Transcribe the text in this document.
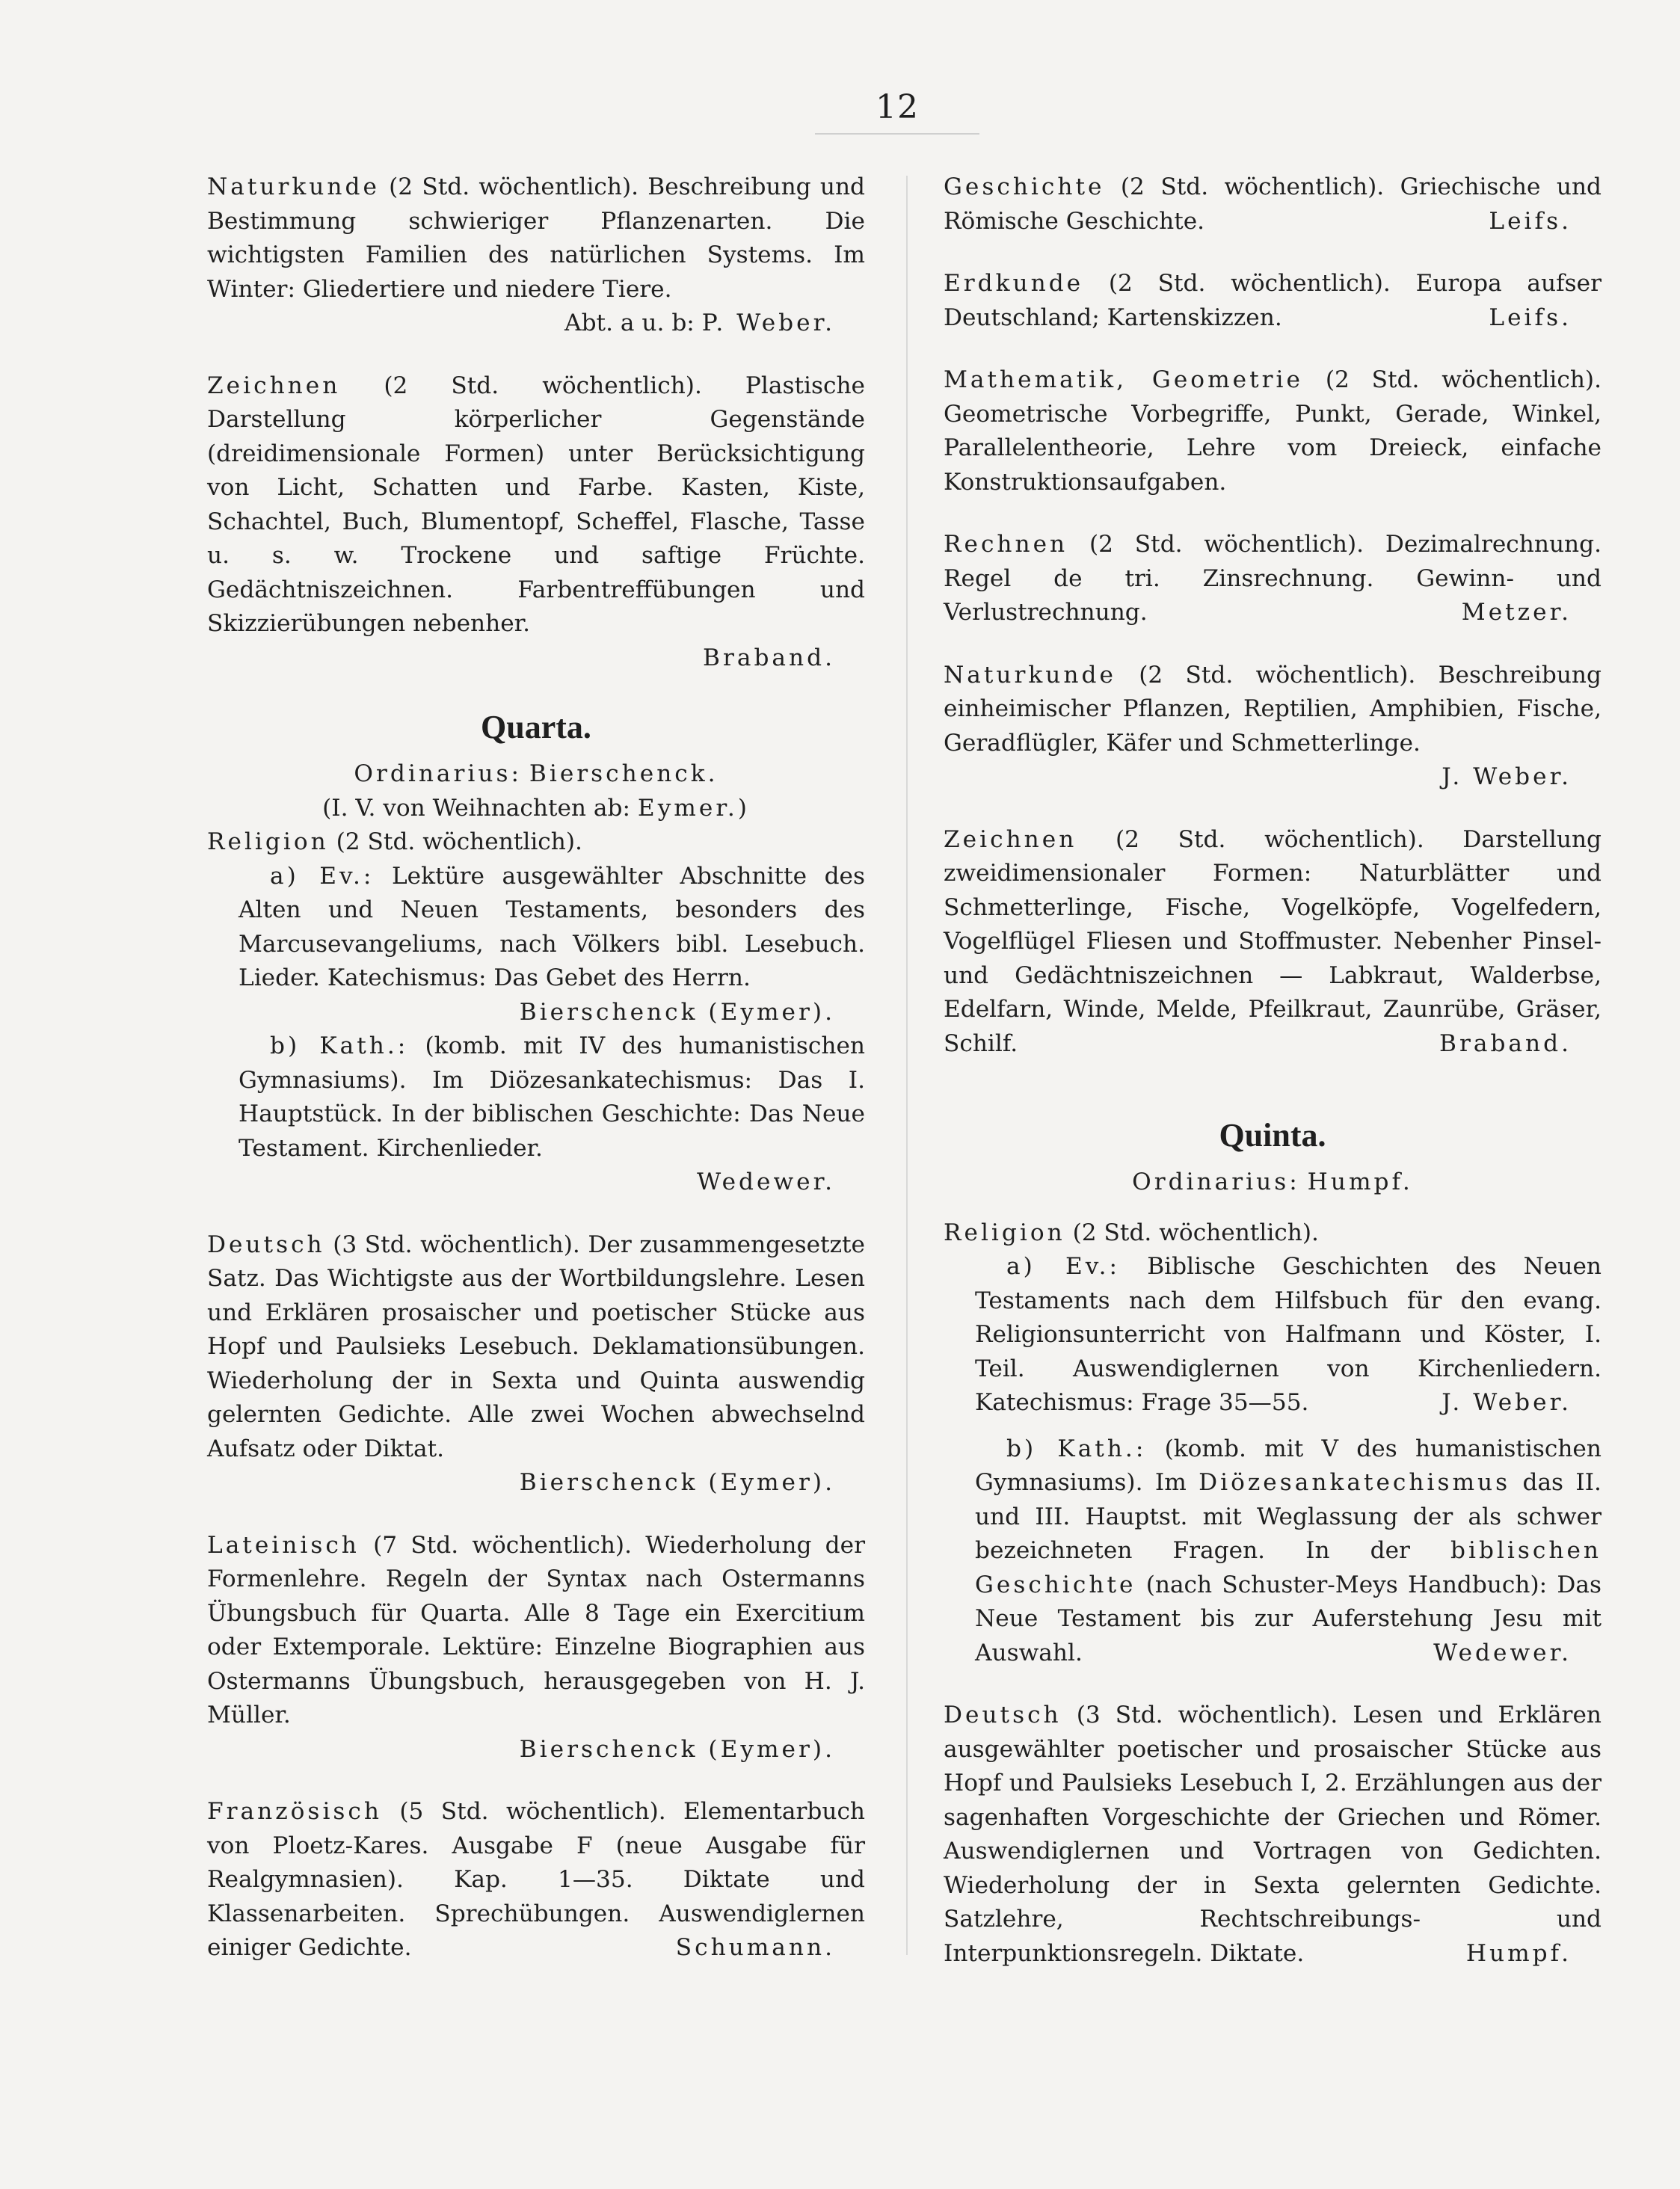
12

Naturkunde (2 Std. wöchentlich). Beschreibung und Bestimmung schwieriger Pflanzenarten. Die wichtigsten Familien des natürlichen Systems. Im Winter: Gliedertiere und niedere Tiere.

Abt. a u. b: P. Weber.

Zeichnen (2 Std. wöchentlich). Plastische Darstellung körperlicher Gegenstände (dreidimensionale Formen) unter Berücksichtigung von Licht, Schatten und Farbe. Kasten, Kiste, Schachtel, Buch, Blumentopf, Scheffel, Flasche, Tasse u. s. w. Trockene und saftige Früchte. Gedächtniszeichnen. Farbentreffübungen und Skizzierübungen nebenher.

Braband.

Quarta.

Ordinarius: Bierschenck.

(I. V. von Weihnachten ab: Eymer.)

Religion (2 Std. wöchentlich).

a) Ev.: Lektüre ausgewählter Abschnitte des Alten und Neuen Testaments, besonders des Marcusevangeliums, nach Völkers bibl. Lesebuch. Lieder. Katechismus: Das Gebet des Herrn.

Bierschenck (Eymer).

b) Kath.: (komb. mit IV des humanistischen Gymnasiums). Im Diözesankatechismus: Das I. Hauptstück. In der biblischen Geschichte: Das Neue Testament. Kirchenlieder.

Wedewer.

Deutsch (3 Std. wöchentlich). Der zusammengesetzte Satz. Das Wichtigste aus der Wortbildungslehre. Lesen und Erklären prosaischer und poetischer Stücke aus Hopf und Paulsieks Lesebuch. Deklamationsübungen. Wiederholung der in Sexta und Quinta auswendig gelernten Gedichte. Alle zwei Wochen abwechselnd Aufsatz oder Diktat.

Bierschenck (Eymer).

Lateinisch (7 Std. wöchentlich). Wiederholung der Formenlehre. Regeln der Syntax nach Ostermanns Übungsbuch für Quarta. Alle 8 Tage ein Exercitium oder Extemporale. Lektüre: Einzelne Biographien aus Ostermanns Übungsbuch, herausgegeben von H. J. Müller.

Bierschenck (Eymer).

Französisch (5 Std. wöchentlich). Elementarbuch von Ploetz-Kares. Ausgabe F (neue Ausgabe für Realgymnasien). Kap. 1—35. Diktate und Klassenarbeiten. Sprechübungen. Auswendiglernen einiger Gedichte.	Schumann.

Geschichte (2 Std. wöchentlich). Griechische und Römische Geschichte.	Leifs.

Erdkunde (2 Std. wöchentlich). Europa aufser Deutschland; Kartenskizzen.	Leifs.

Mathematik, Geometrie (2 Std. wöchentlich). Geometrische Vorbegriffe, Punkt, Gerade, Winkel, Parallelentheorie, Lehre vom Dreieck, einfache Konstruktionsaufgaben.

Rechnen (2 Std. wöchentlich). Dezimalrechnung. Regel de tri. Zinsrechnung. Gewinn- und Verlustrechnung.	Metzer.

Naturkunde (2 Std. wöchentlich). Beschreibung einheimischer Pflanzen, Reptilien, Amphibien, Fische, Geradflügler, Käfer und Schmetterlinge.

J. Weber.

Zeichnen (2 Std. wöchentlich). Darstellung zweidimensionaler Formen: Naturblätter und Schmetterlinge, Fische, Vogelköpfe, Vogelfedern, Vogelflügel Fliesen und Stoffmuster. Nebenher Pinsel- und Gedächtniszeichnen — Labkraut, Walderbse, Edelfarn, Winde, Melde, Pfeilkraut, Zaunrübe, Gräser, Schilf.	Braband.

Quinta.

Ordinarius: Humpf.

Religion (2 Std. wöchentlich).

a) Ev.: Biblische Geschichten des Neuen Testaments nach dem Hilfsbuch für den evang. Religionsunterricht von Halfmann und Köster, I. Teil. Auswendiglernen von Kirchenliedern. Katechismus: Frage 35—55.	J. Weber.

b) Kath.: (komb. mit V des humanistischen Gymnasiums). Im Diözesankatechismus das II. und III. Hauptst. mit Weglassung der als schwer bezeichneten Fragen. In der biblischen Geschichte (nach Schuster-Meys Handbuch): Das Neue Testament bis zur Auferstehung Jesu mit Auswahl.	Wedewer.

Deutsch (3 Std. wöchentlich). Lesen und Erklären ausgewählter poetischer und prosaischer Stücke aus Hopf und Paulsieks Lesebuch I, 2. Erzählungen aus der sagenhaften Vorgeschichte der Griechen und Römer. Auswendiglernen und Vortragen von Gedichten. Wiederholung der in Sexta gelernten Gedichte. Satzlehre, Rechtschreibungs- und Interpunktionsregeln. Diktate.	Humpf.
